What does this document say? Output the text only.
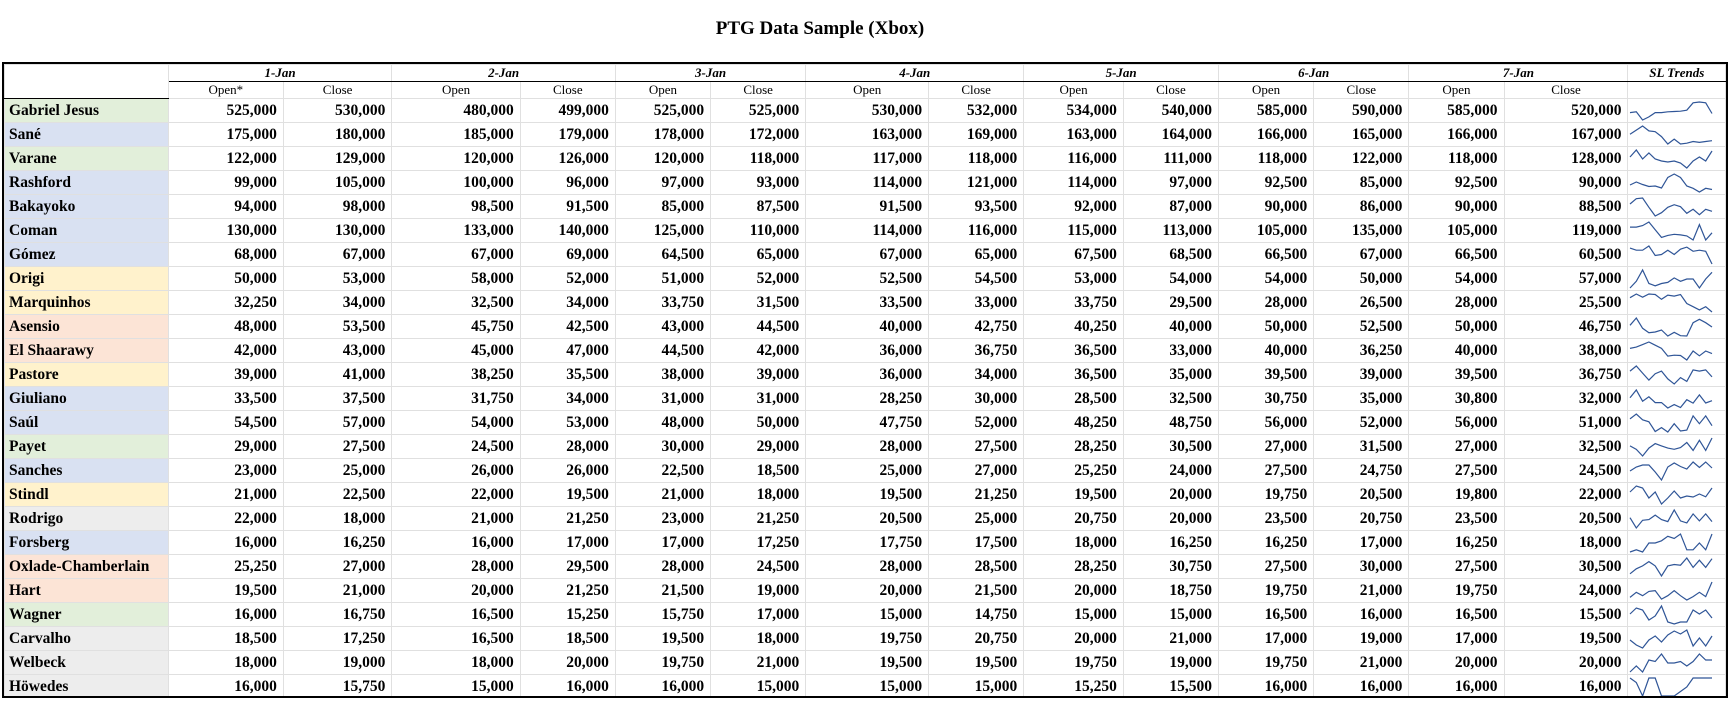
PTG Data Sample (Xbox)
	1-Jan		2-Jan		3-Jan		4-Jan		5-Jan		6-Jan		7-Jan		SL Trends
	Open*	Close	Open	Close	Open	Close	Open	Close	Open	Close	Open	Close	Open	Close	
Gabriel Jesus	525,000	530,000	480,000	499,000	525,000	525,000	530,000	532,000	534,000	540,000	585,000	590,000	585,000	520,000	

Sané	175,000	180,000	185,000	179,000	178,000	172,000	163,000	169,000	163,000	164,000	166,000	165,000	166,000	167,000	

Varane	122,000	129,000	120,000	126,000	120,000	118,000	117,000	118,000	116,000	111,000	118,000	122,000	118,000	128,000	

Rashford	99,000	105,000	100,000	96,000	97,000	93,000	114,000	121,000	114,000	97,000	92,500	85,000	92,500	90,000	

Bakayoko	94,000	98,000	98,500	91,500	85,000	87,500	91,500	93,500	92,000	87,000	90,000	86,000	90,000	88,500	

Coman	130,000	130,000	133,000	140,000	125,000	110,000	114,000	116,000	115,000	113,000	105,000	135,000	105,000	119,000	

Gómez	68,000	67,000	67,000	69,000	64,500	65,000	67,000	65,000	67,500	68,500	66,500	67,000	66,500	60,500	

Origi	50,000	53,000	58,000	52,000	51,000	52,000	52,500	54,500	53,000	54,000	54,000	50,000	54,000	57,000	

Marquinhos	32,250	34,000	32,500	34,000	33,750	31,500	33,500	33,000	33,750	29,500	28,000	26,500	28,000	25,500	

Asensio	48,000	53,500	45,750	42,500	43,000	44,500	40,000	42,750	40,250	40,000	50,000	52,500	50,000	46,750	

El Shaarawy	42,000	43,000	45,000	47,000	44,500	42,000	36,000	36,750	36,500	33,000	40,000	36,250	40,000	38,000	

Pastore	39,000	41,000	38,250	35,500	38,000	39,000	36,000	34,000	36,500	35,000	39,500	39,000	39,500	36,750	

Giuliano	33,500	37,500	31,750	34,000	31,000	31,000	28,250	30,000	28,500	32,500	30,750	35,000	30,800	32,000	

Saúl	54,500	57,000	54,000	53,000	48,000	50,000	47,750	52,000	48,250	48,750	56,000	52,000	56,000	51,000	

Payet	29,000	27,500	24,500	28,000	30,000	29,000	28,000	27,500	28,250	30,500	27,000	31,500	27,000	32,500	

Sanches	23,000	25,000	26,000	26,000	22,500	18,500	25,000	27,000	25,250	24,000	27,500	24,750	27,500	24,500	

Stindl	21,000	22,500	22,000	19,500	21,000	18,000	19,500	21,250	19,500	20,000	19,750	20,500	19,800	22,000	

Rodrigo	22,000	18,000	21,000	21,250	23,000	21,250	20,500	25,000	20,750	20,000	23,500	20,750	23,500	20,500	

Forsberg	16,000	16,250	16,000	17,000	17,000	17,250	17,750	17,500	18,000	16,250	16,250	17,000	16,250	18,000	

Oxlade-Chamberlain	25,250	27,000	28,000	29,500	28,000	24,500	28,000	28,500	28,250	30,750	27,500	30,000	27,500	30,500	

Hart	19,500	21,000	20,000	21,250	21,500	19,000	20,000	21,500	20,000	18,750	19,750	21,000	19,750	24,000	

Wagner	16,000	16,750	16,500	15,250	15,750	17,000	15,000	14,750	15,000	15,000	16,500	16,000	16,500	15,500	

Carvalho	18,500	17,250	16,500	18,500	19,500	18,000	19,750	20,750	20,000	21,000	17,000	19,000	17,000	19,500	

Welbeck	18,000	19,000	18,000	20,000	19,750	21,000	19,500	19,500	19,750	19,000	19,750	21,000	20,000	20,000	

Höwedes	16,000	15,750	15,000	16,000	16,000	15,000	15,000	15,000	15,250	15,500	16,000	16,000	16,000	16,000	
